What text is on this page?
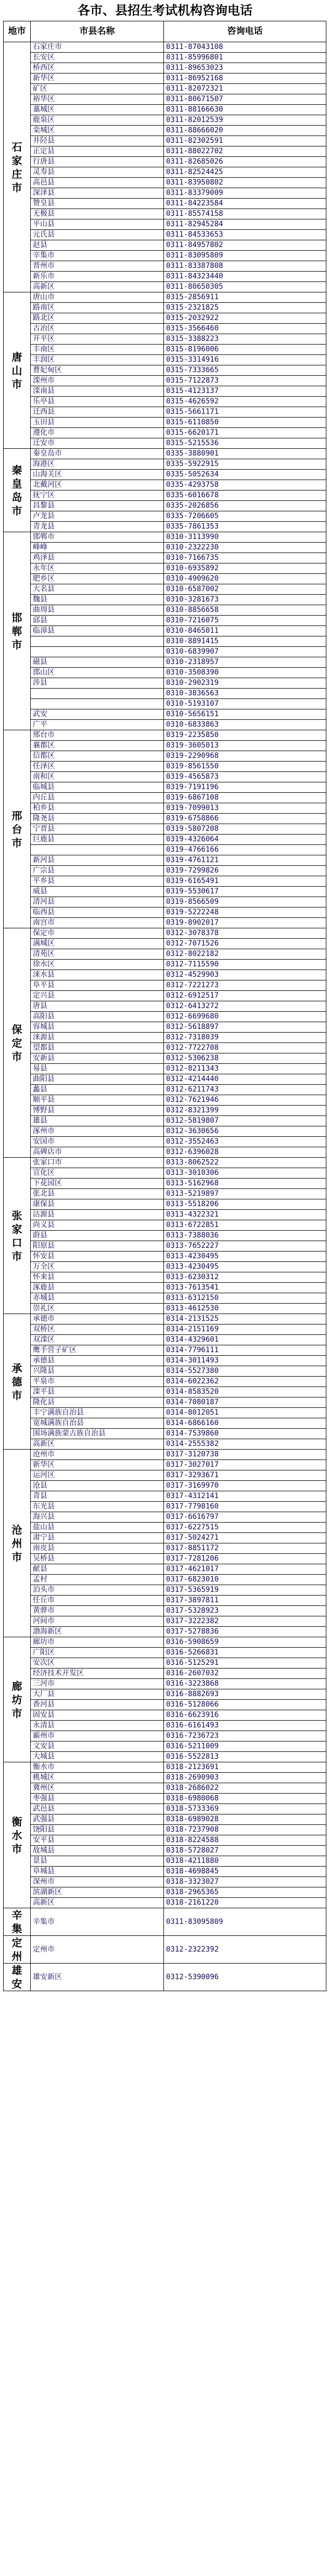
各市、县招生考试机构咨询电话
地市	市县名称	咨询电话
石家庄市	石家庄市	0311-87043108
	长安区	0311-85996801
	桥西区	0311-89653023
	新华区	0311-86952168
	矿区	0311-82072321
	裕华区	0311-80671507
	藁城区	0311-88166630
	鹿泉区	0311-82012539
	栾城区	0311-88666020
	井陉县	0311-82302591
	正定县	0311-88022702
	行唐县	0311-82685026
	灵寿县	0311-82524425
	高邑县	0311-83950802
	深泽县	0311-83379009
	赞皇县	0311-84223584
	无极县	0311-85574158
	平山县	0311-82945284
	元氏县	0311-84533653
	赵县	0311-84957802
	辛集市	0311-83095809
	晋州市	0311-83387808
	新乐市	0311-84323440
	高新区	0311-80650305
唐山市	唐山市	0315-2856911
	路南区	0315-2321825
	路北区	0315-2032922
	古冶区	0315-3566460
	开平区	0315-3388223
	丰南区	0315-8196006
	丰润区	0315-3314916
	曹妃甸区	0315-7333665
	滦州市	0315-7122873
	滦南县	0315-4123137
	乐亭县	0315-4626592
	迁西县	0315-5661171
	玉田县	0315-6110850
	遵化市	0315-6620171
	迁安市	0315-5215536
秦皇岛市	秦皇岛市	0335-3880901
	海港区	0335-5922915
	山海关区	0335-5052634
	北戴河区	0335-4293758
	抚宁区	0335-6016678
	昌黎县	0335-2026856
	卢龙县	0335-7206605
	青龙县	0335-7861353
邯郸市	邯郸市	0310-3113990
	峰峰	0310-2322230
	鸡泽县	0310-7166735
	永年区	0310-6935892
	肥乡区	0310-4909620
	大名县	0310-6587002
	魏县	0310-3281673
	曲周县	0310-8856658
	邱县	0310-7216075
	临漳县	0310-8465011
		0310-8891415
		0310-6839907
	磁县	0310-2318957
	邯山区	0310-3508390
	涉县	0310-2902319
		0310-3836563
		0310-5193107
	武安	0310-5656151
	广平	0310-6833863
邢台市	邢台市	0319-2235850
	襄都区	0319-3605013
	信都区	0319-2290968
	任泽区	0319-8561550
	南和区	0319-4565873
	临城县	0319-7191196
	内丘县	0319-6867108
	柏乡县	0319-7099013
	隆尧县	0319-6758866
	宁晋县	0319-5807208
	巨鹿县	0319-4326064
		0319-4766166
	新河县	0319-4761121
	广宗县	0319-7299826
	平乡县	0319-6165491
	威县	0319-5530617
	清河县	0319-8566509
	临西县	0319-5222248
	南宫市	0319-8902017
保定市	保定市	0312-3078378
	满城区	0312-7071526
	清苑区	0312-8022182
	徐水区	0312-7115590
	涞水县	0312-4529903
	阜平县	0312-7221273
	定兴县	0312-6912517
	唐县	0312-6413272
	高阳县	0312-6699680
	容城县	0312-5618897
	涞源县	0312-7318039
	望都县	0312-7722708
	安新县	0312-5306238
	易县	0312-8211343
	曲阳县	0312-4214440
	蠡县	0312-6211743
	顺平县	0312-7621946
	博野县	0312-8321399
	雄县	0312-5819807
	涿州市	0312-3630656
	安国市	0312-3552463
	高碑店市	0312-6396028
张家口市	张家口市	0313-8062522
	宣化区	0313-3010306
	下花园区	0313-5162968
	张北县	0313-5219897
	康保县	0313-5518206
	沽源县	0313-4322321
	尚义县	0313-6722851
	蔚县	0313-7388036
	阳原县	0313-7652227
	怀安县	0313-4230495
	万全区	0313-4230495
	怀来县	0313-6230312
	涿鹿县	0313-7613541
	赤城县	0313-6312150
	崇礼区	0313-4612530
承德市	承德市	0314-2131525
	双桥区	0314-2151169
	双滦区	0314-4329601
	鹰手营子矿区	0314-7796111
	承德县	0314-3011493
	兴隆县	0314-5527380
	平泉市	0314-6022362
	滦平县	0314-8583520
	隆化县	0314-7080187
	丰宁满族自治县	0314-8012051
	宽城满族自治县	0314-6866160
	围场满族蒙古族自治县	0314-7539860
	高新区	0314-2555382
沧州市	沧州市	0317-3120738
	新华区	0317-3027017
	运河区	0317-3293671
	沧县	0317-3169970
	青县	0317-4312141
	东光县	0317-7798160
	海兴县	0317-6616797
	盐山县	0317-6227515
	肃宁县	0317-5024271
	南皮县	0317-8851172
	吴桥县	0317-7281206
	献县	0317-4621017
	孟村	0317-6823010
	泊头市	0317-5365919
	任丘市	0317-3897811
	黄骅市	0317-5328923
	河间市	0317-3222382
	渤海新区	0317-5278836
廊坊市	廊坊市	0316-5908659
	广阳区	0316-5266831
	安次区	0316-5125291
	经济技术开发区	0316-2607032
	三河市	0316-3223868
	大厂县	0316-8882693
	香河县	0316-5128066
	固安县	0316-6623916
	永清县	0316-6161493
	霸州市	0316-7236723
	文安县	0316-5211009
	大城县	0316-5522813
衡水市	衡水市	0318-2123691
	桃城区	0318-2690903
	冀州区	0318-2686022
	枣强县	0318-6980068
	武邑县	0318-5733369
	武强县	0318-6989028
	饶阳县	0318-7237908
	安平县	0318-8224588
	故城县	0318-5728027
	景县	0318-4211880
	阜城县	0318-4698845
	深州市	0318-3323027
	滨湖新区	0318-2965365
	高新区	0318-2161220
辛集	辛集市	0311-83095809
定州	定州市	0312-2322392
雄安	雄安新区	0312-5390096
